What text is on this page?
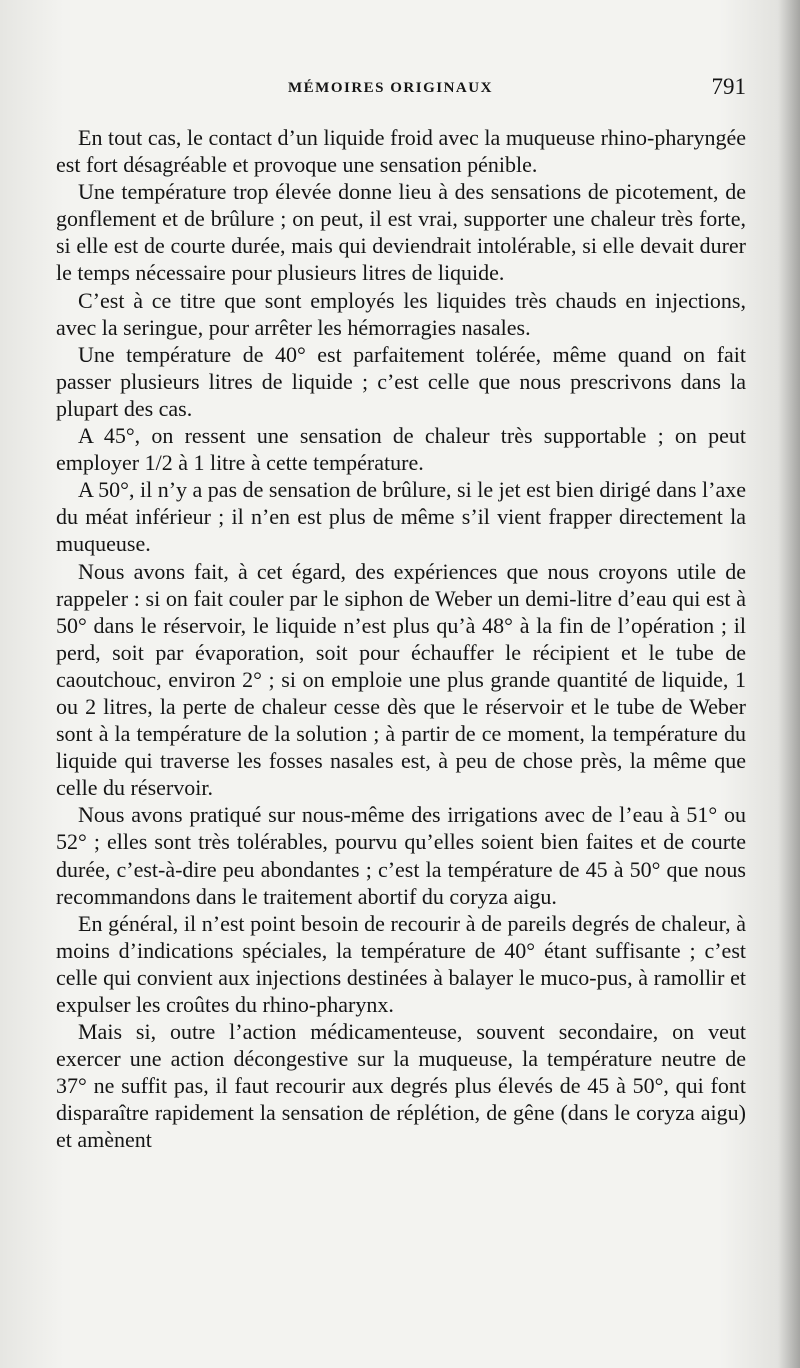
MÉMOIRES ORIGINAUX	791

En tout cas, le contact d’un liquide froid avec la muqueuse rhino-pharyngée est fort désagréable et provoque une sensation pénible.

Une température trop élevée donne lieu à des sensations de picotement, de gonflement et de brûlure ; on peut, il est vrai, supporter une chaleur très forte, si elle est de courte durée, mais qui deviendrait intolérable, si elle devait durer le temps nécessaire pour plusieurs litres de liquide.

C’est à ce titre que sont employés les liquides très chauds en injections, avec la seringue, pour arrêter les hémorragies nasales.

Une température de 40° est parfaitement tolérée, même quand on fait passer plusieurs litres de liquide ; c’est celle que nous prescrivons dans la plupart des cas.

A 45°, on ressent une sensation de chaleur très supportable ; on peut employer 1/2 à 1 litre à cette température.

A 50°, il n’y a pas de sensation de brûlure, si le jet est bien dirigé dans l’axe du méat inférieur ; il n’en est plus de même s’il vient frapper directement la muqueuse.

Nous avons fait, à cet égard, des expériences que nous croyons utile de rappeler : si on fait couler par le siphon de Weber un demi-litre d’eau qui est à 50° dans le réservoir, le liquide n’est plus qu’à 48° à la fin de l’opération ; il perd, soit par évaporation, soit pour échauffer le récipient et le tube de caoutchouc, environ 2° ; si on emploie une plus grande quantité de liquide, 1 ou 2 litres, la perte de chaleur cesse dès que le réservoir et le tube de Weber sont à la température de la solution ; à partir de ce moment, la température du liquide qui traverse les fosses nasales est, à peu de chose près, la même que celle du réservoir.

Nous avons pratiqué sur nous-même des irrigations avec de l’eau à 51° ou 52° ; elles sont très tolérables, pourvu qu’elles soient bien faites et de courte durée, c’est-à-dire peu abondantes ; c’est la température de 45 à 50° que nous recommandons dans le traitement abortif du coryza aigu.

En général, il n’est point besoin de recourir à de pareils degrés de chaleur, à moins d’indications spéciales, la température de 40° étant suffisante ; c’est celle qui convient aux injections destinées à balayer le muco-pus, à ramollir et expulser les croûtes du rhino-pharynx.

Mais si, outre l’action médicamenteuse, souvent secondaire, on veut exercer une action décongestive sur la muqueuse, la température neutre de 37° ne suffit pas, il faut recourir aux degrés plus élevés de 45 à 50°, qui font disparaître rapidement la sensation de réplétion, de gêne (dans le coryza aigu) et amènent
